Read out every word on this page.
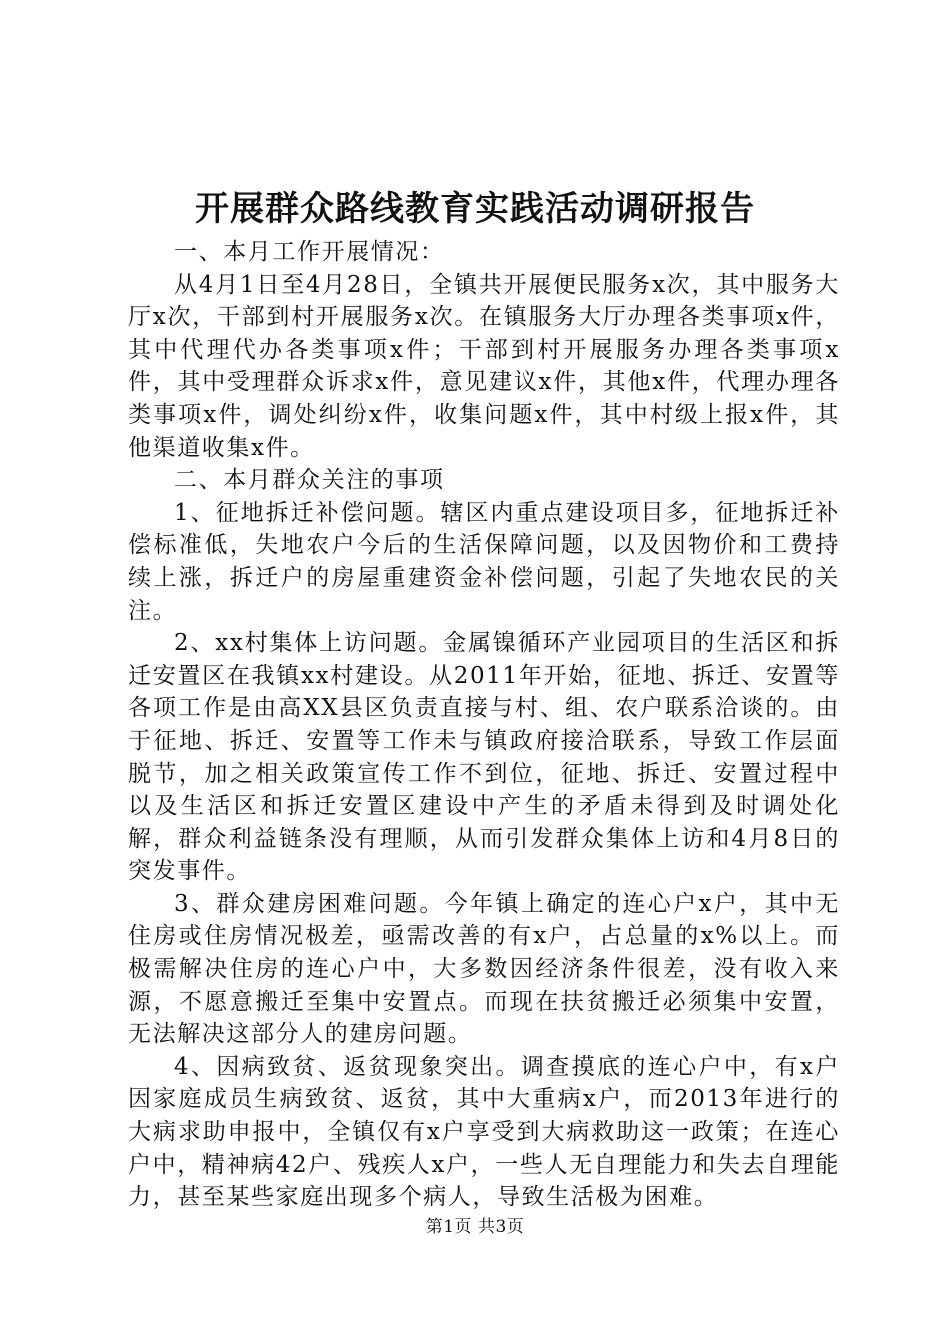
开展群众路线教育实践活动调研报告

一、本月工作开展情况：

从4月1日至4月28日，全镇共开展便民服务x次，其中服务大厅x次，干部到村开展服务x次。在镇服务大厅办理各类事项x件，其中代理代办各类事项x件；干部到村开展服务办理各类事项x件，其中受理群众诉求x件，意见建议x件，其他x件，代理办理各类事项x件，调处纠纷x件，收集问题x件，其中村级上报x件，其他渠道收集x件。

二、本月群众关注的事项

1、征地拆迁补偿问题。辖区内重点建设项目多，征地拆迁补偿标准低，失地农户今后的生活保障问题，以及因物价和工费持续上涨，拆迁户的房屋重建资金补偿问题，引起了失地农民的关注。

2、xx村集体上访问题。金属镍循环产业园项目的生活区和拆迁安置区在我镇xx村建设。从2011年开始，征地、拆迁、安置等各项工作是由高XX县区负责直接与村、组、农户联系洽谈的。由于征地、拆迁、安置等工作未与镇政府接洽联系，导致工作层面脱节，加之相关政策宣传工作不到位，征地、拆迁、安置过程中以及生活区和拆迁安置区建设中产生的矛盾未得到及时调处化解，群众利益链条没有理顺，从而引发群众集体上访和4月8日的突发事件。

3、群众建房困难问题。今年镇上确定的连心户x户，其中无住房或住房情况极差，亟需改善的有x户，占总量的x%以上。而极需解决住房的连心户中，大多数因经济条件很差，没有收入来源，不愿意搬迁至集中安置点。而现在扶贫搬迁必须集中安置，无法解决这部分人的建房问题。

4、因病致贫、返贫现象突出。调查摸底的连心户中，有x户因家庭成员生病致贫、返贫，其中大重病x户，而2013年进行的大病求助申报中，全镇仅有x户享受到大病救助这一政策；在连心户中，精神病42户、残疾人x户，一些人无自理能力和失去自理能力，甚至某些家庭出现多个病人，导致生活极为困难。

第1页 共3页
